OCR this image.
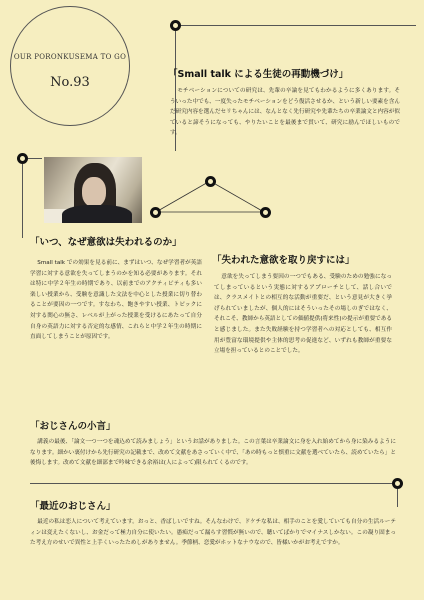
OUR PORONKUSEMA TO GO
No.93
「Small talk による生徒の再動機づけ」
モチベーションについての研究は、先輩の卒論を見てもわかるように多くあります。そういった中でも、一度失ったモチベーションをどう復活させるか、という新しい要素を含んだ研究内容を選んだセリちゃんには、なんとなく先行研究や先輩たちの卒業論文と内容が似ていると諦そうになっても、やりたいことを最後まで貫いて、研究に励んでほしいものです。
「いつ、なぜ意欲は失われるのか」
Small talk での効果を見る前に、まずはいつ、なぜ学習者が英語学習に対する意欲を失ってしまうのかを知る必要があります。それは特に中学２年生の時期であり、以前までのアクティビティも多い楽しい授業から、受験を意識した文法を中心とした授業に切り替わることが要因の一つです。すなわち、飽きやすい授業、トピックに対する関心の無さ、レベルが上がった授業を受けるにあたって自分自身の英語力に対する否定的な感情、これらと中学２年生の時期に直面してしまうことが原因です。
「失われた意欲を取り戻すには」
意欲を失ってしまう要因の一つでもある、受験のための勉強になってしまっているという実態に対するアプローチとして、話し合いでは、クラスメイトとの相互的な活動が重要だ、という意見が大きく挙げられていましたが、個人的にはそういったその場しのぎではなく、それこそ、教師から英語としての価値提供(将来性)の提示が重要であると感じました。また失敗経験を持つ学習者への対応としても、相互作用が豊富な環境提供や主体的思考の促進など、いずれも教師が重要な立場を担っているとのことでした。
「おじさんの小言」
講義の最後、「論文一つ一つを魂込めて読みましょう」というお話がありました。この言葉は卒業論文に身を入れ始めてから身に染みるようになります。細かい裏付けから先行研究の記載まで、改めて文献をあさっていく中で、「あの時もっと慎重に文献を選べていたら、読めていたら」と後悔します。改めて文献を細部まで吟味できる余裕は(人によって)限られてくるのです。
「最近のおじさん」
最近の私は恋人について考えています。おっと、香ばしいですね。そんなわけで、ドケチな私は、相手のことを愛していても自分の生活ルーティンは変えたくないし、お金だって極力自分に使いたい。愚痴だって漏らす習慣が無いので、聴いてばかりでマイナスしかない。この凝り固まった考え方のせいで異性と上手くいったためしがありません。季節柄、恋愛がホットなナウなので、皆様いかがお考えですか。
